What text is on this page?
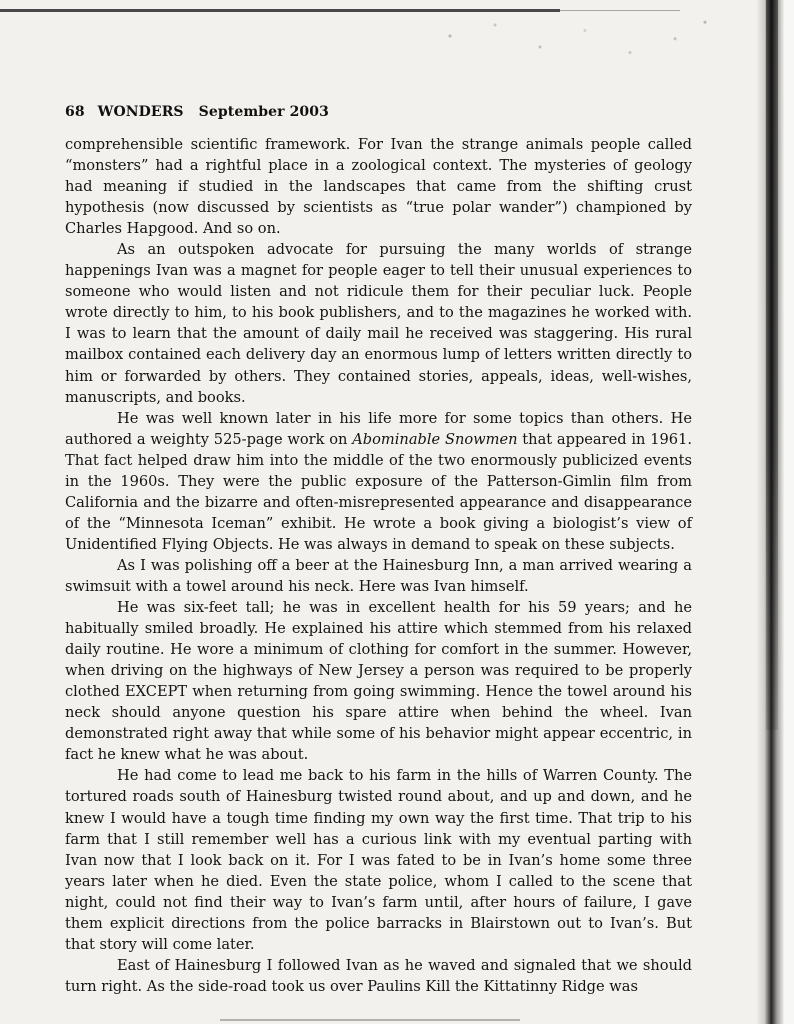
68 WONDERS September 2003

comprehensible scientific framework. For Ivan the strange animals people called “monsters” had a rightful place in a zoological context. The mysteries of geology had meaning if studied in the landscapes that came from the shifting crust hypothesis (now discussed by scientists as “true polar wander”) championed by Charles Hapgood. And so on.

As an outspoken advocate for pursuing the many worlds of strange happenings Ivan was a magnet for people eager to tell their unusual experiences to someone who would listen and not ridicule them for their peculiar luck. People wrote directly to him, to his book publishers, and to the magazines he worked with. I was to learn that the amount of daily mail he received was staggering. His rural mailbox contained each delivery day an enormous lump of letters written directly to him or forwarded by others. They contained stories, appeals, ideas, well-wishes, manuscripts, and books.

He was well known later in his life more for some topics than others. He authored a weighty 525-page work on Abominable Snowmen that appeared in 1961. That fact helped draw him into the middle of the two enormously publicized events in the 1960s. They were the public exposure of the Patterson-Gimlin film from California and the bizarre and often-misrepresented appearance and disappearance of the “Minnesota Iceman” exhibit. He wrote a book giving a biologist’s view of Unidentified Flying Objects. He was always in demand to speak on these subjects.

As I was polishing off a beer at the Hainesburg Inn, a man arrived wearing a swimsuit with a towel around his neck. Here was Ivan himself.

He was six-feet tall; he was in excellent health for his 59 years; and he habitually smiled broadly. He explained his attire which stemmed from his relaxed daily routine. He wore a minimum of clothing for comfort in the summer. However, when driving on the highways of New Jersey a person was required to be properly clothed EXCEPT when returning from going swimming. Hence the towel around his neck should anyone question his spare attire when behind the wheel. Ivan demonstrated right away that while some of his behavior might appear eccentric, in fact he knew what he was about.

He had come to lead me back to his farm in the hills of Warren County. The tortured roads south of Hainesburg twisted round about, and up and down, and he knew I would have a tough time finding my own way the first time. That trip to his farm that I still remember well has a curious link with my eventual parting with Ivan now that I look back on it. For I was fated to be in Ivan’s home some three years later when he died. Even the state police, whom I called to the scene that night, could not find their way to Ivan’s farm until, after hours of failure, I gave them explicit directions from the police barracks in Blairstown out to Ivan’s. But that story will come later.

East of Hainesburg I followed Ivan as he waved and signaled that we should turn right. As the side-road took us over Paulins Kill the Kittatinny Ridge was
